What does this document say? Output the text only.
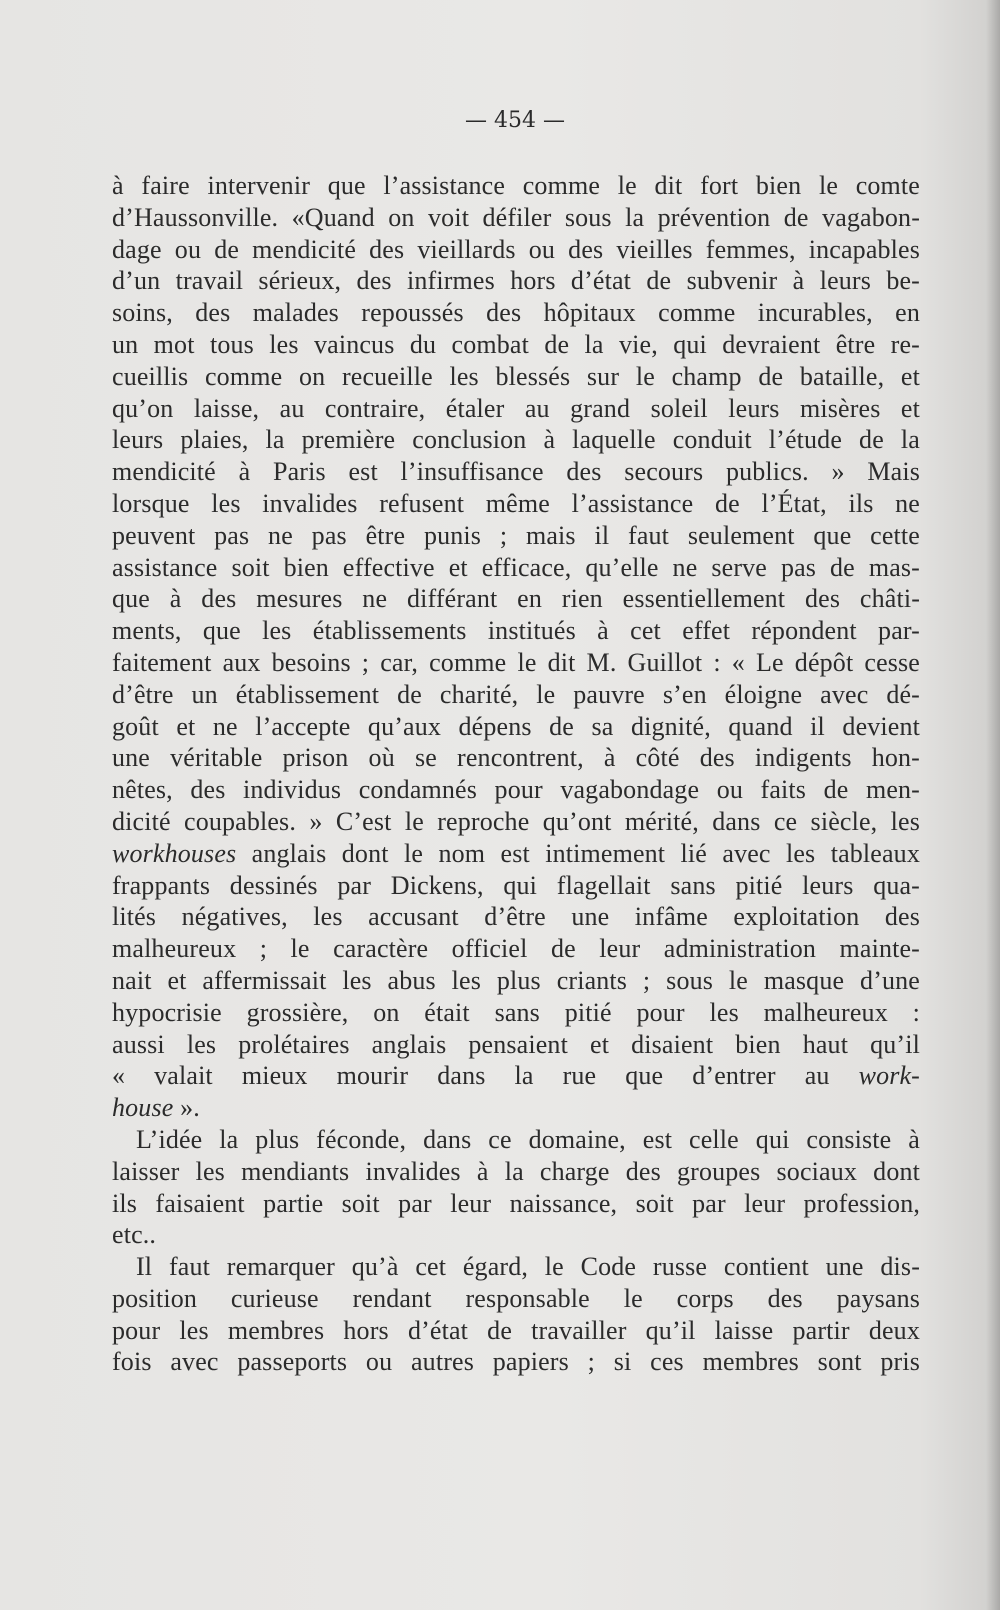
— 454 —
à faire intervenir que l’assistance comme le dit fort bien le comte
d’Haussonville. «Quand on voit défiler sous la prévention de vagabon-
dage ou de mendicité des vieillards ou des vieilles femmes, incapables
d’un travail sérieux, des infirmes hors d’état de subvenir à leurs be-
soins, des malades repoussés des hôpitaux comme incurables, en
un mot tous les vaincus du combat de la vie, qui devraient être re-
cueillis comme on recueille les blessés sur le champ de bataille, et
qu’on laisse, au contraire, étaler au grand soleil leurs misères et
leurs plaies, la première conclusion à laquelle conduit l’étude de la
mendicité à Paris est l’insuffisance des secours publics. » Mais
lorsque les invalides refusent même l’assistance de l’État, ils ne
peuvent pas ne pas être punis ; mais il faut seulement que cette
assistance soit bien effective et efficace, qu’elle ne serve pas de mas-
que à des mesures ne différant en rien essentiellement des châti-
ments, que les établissements institués à cet effet répondent par-
faitement aux besoins ; car, comme le dit M. Guillot : « Le dépôt cesse
d’être un établissement de charité, le pauvre s’en éloigne avec dé-
goût et ne l’accepte qu’aux dépens de sa dignité, quand il devient
une véritable prison où se rencontrent, à côté des indigents hon-
nêtes, des individus condamnés pour vagabondage ou faits de men-
dicité coupables. » C’est le reproche qu’ont mérité, dans ce siècle, les
workhouses anglais dont le nom est intimement lié avec les tableaux
frappants dessinés par Dickens, qui flagellait sans pitié leurs qua-
lités négatives, les accusant d’être une infâme exploitation des
malheureux ; le caractère officiel de leur administration mainte-
nait et affermissait les abus les plus criants ; sous le masque d’une
hypocrisie grossière, on était sans pitié pour les malheureux :
aussi les prolétaires anglais pensaient et disaient bien haut qu’il
« valait mieux mourir dans la rue que d’entrer au work-
house ».
L’idée la plus féconde, dans ce domaine, est celle qui consiste à
laisser les mendiants invalides à la charge des groupes sociaux dont
ils faisaient partie soit par leur naissance, soit par leur profession,
etc..
Il faut remarquer qu’à cet égard, le Code russe contient une dis-
position curieuse rendant responsable le corps des paysans
pour les membres hors d’état de travailler qu’il laisse partir deux
fois avec passeports ou autres papiers ; si ces membres sont pris
